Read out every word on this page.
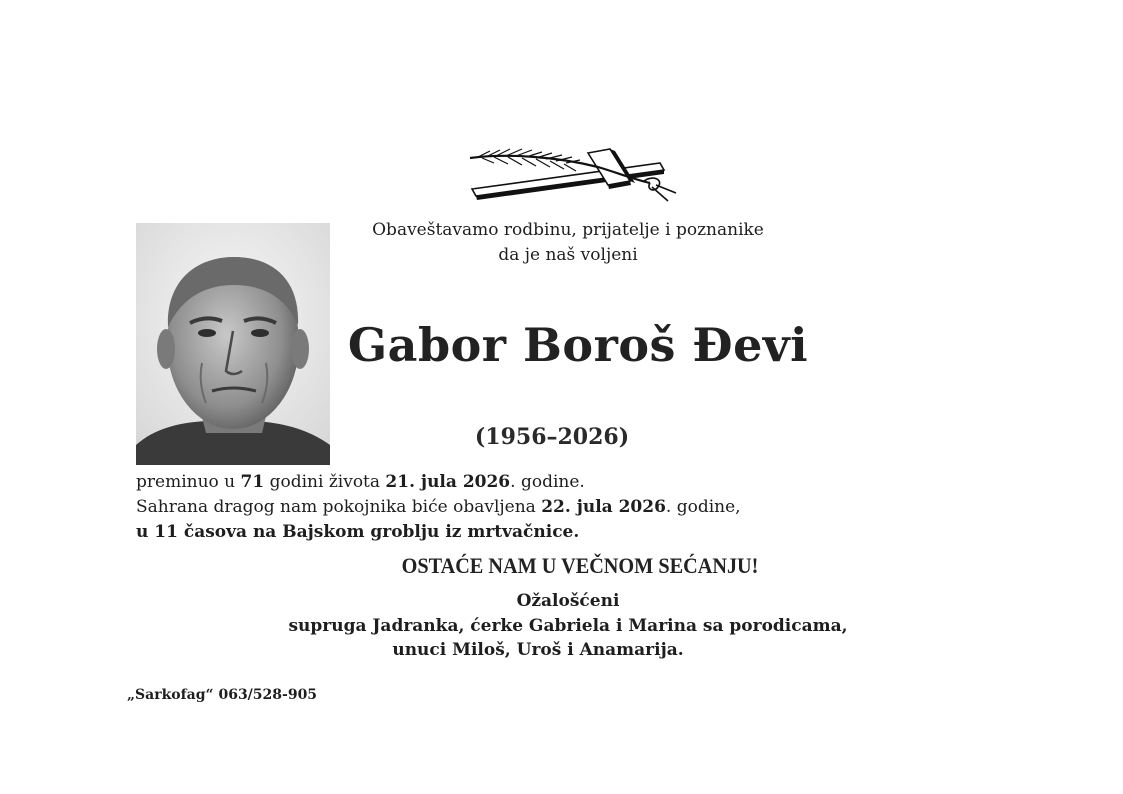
Obaveštavamo rodbinu, prijatelje i poznanike
da je naš voljeni
Gabor Boroš Đevi
(1956–2026)
preminuo u 71 godini života 21. jula 2026. godine.
Sahrana dragog nam pokojnika biće obavljena 22. jula 2026. godine,
u 11 časova na Bajskom groblju iz mrtvačnice.
OSTAĆE NAM U VEČNOM SEĆANJU!
Ožalošćeni
supruga Jadranka, ćerke Gabriela i Marina sa porodicama,
unuci Miloš, Uroš i Anamarija.
„Sarkofag“ 063/528-905
